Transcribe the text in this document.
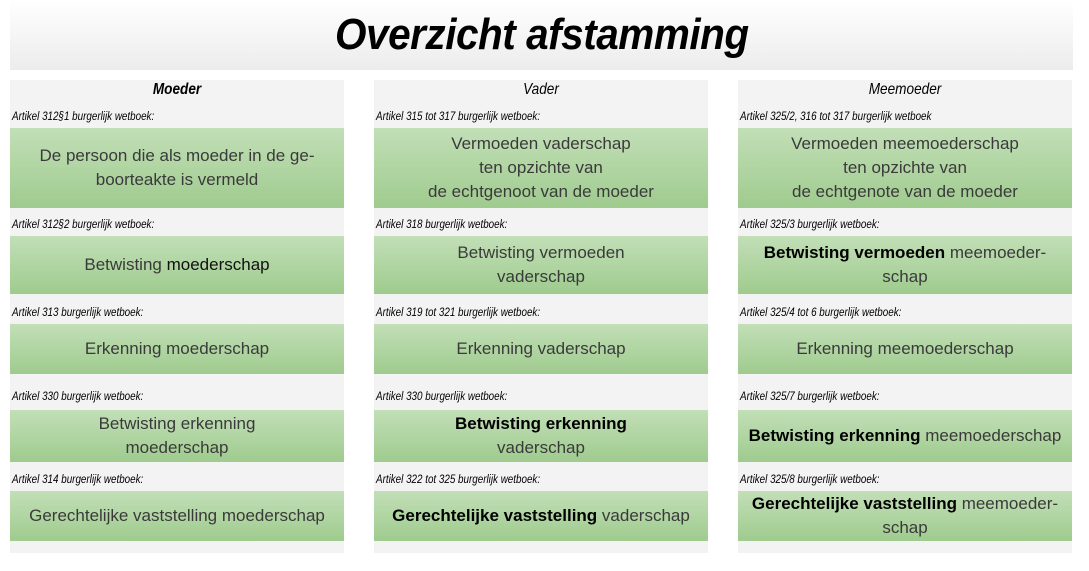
Overzicht afstamming
Moeder
Artikel 312§1 burgerlijk wetboek:
De persoon die als moeder in de ge-
boorteakte is vermeld
Artikel 312§2 burgerlijk wetboek:
Betwisting moederschap
Artikel 313 burgerlijk wetboek:
Erkenning moederschap
Artikel 330 burgerlijk wetboek:
Betwisting erkenning
moederschap
Artikel 314 burgerlijk wetboek:
Gerechtelijke vaststelling moederschap
Vader
Artikel 315 tot 317 burgerlijk wetboek:
Vermoeden vaderschap
ten opzichte van
de echtgenoot van de moeder
Artikel 318 burgerlijk wetboek:
Betwisting vermoeden
vaderschap
Artikel 319 tot 321 burgerlijk wetboek:
Erkenning vaderschap
Artikel 330 burgerlijk wetboek:
Betwisting erkenning
vaderschap
Artikel 322 tot 325 burgerlijk wetboek:
Gerechtelijke vaststelling vaderschap
Meemoeder
Artikel 325/2, 316 tot 317 burgerlijk wetboek
Vermoeden meemoederschap
ten opzichte van
de echtgenote van de moeder
Artikel 325/3 burgerlijk wetboek:
Betwisting vermoeden meemoeder-
schap
Artikel 325/4 tot 6 burgerlijk wetboek:
Erkenning meemoederschap
Artikel 325/7 burgerlijk wetboek:
Betwisting erkenning meemoederschap
Artikel 325/8 burgerlijk wetboek:
Gerechtelijke vaststelling meemoeder-
schap
